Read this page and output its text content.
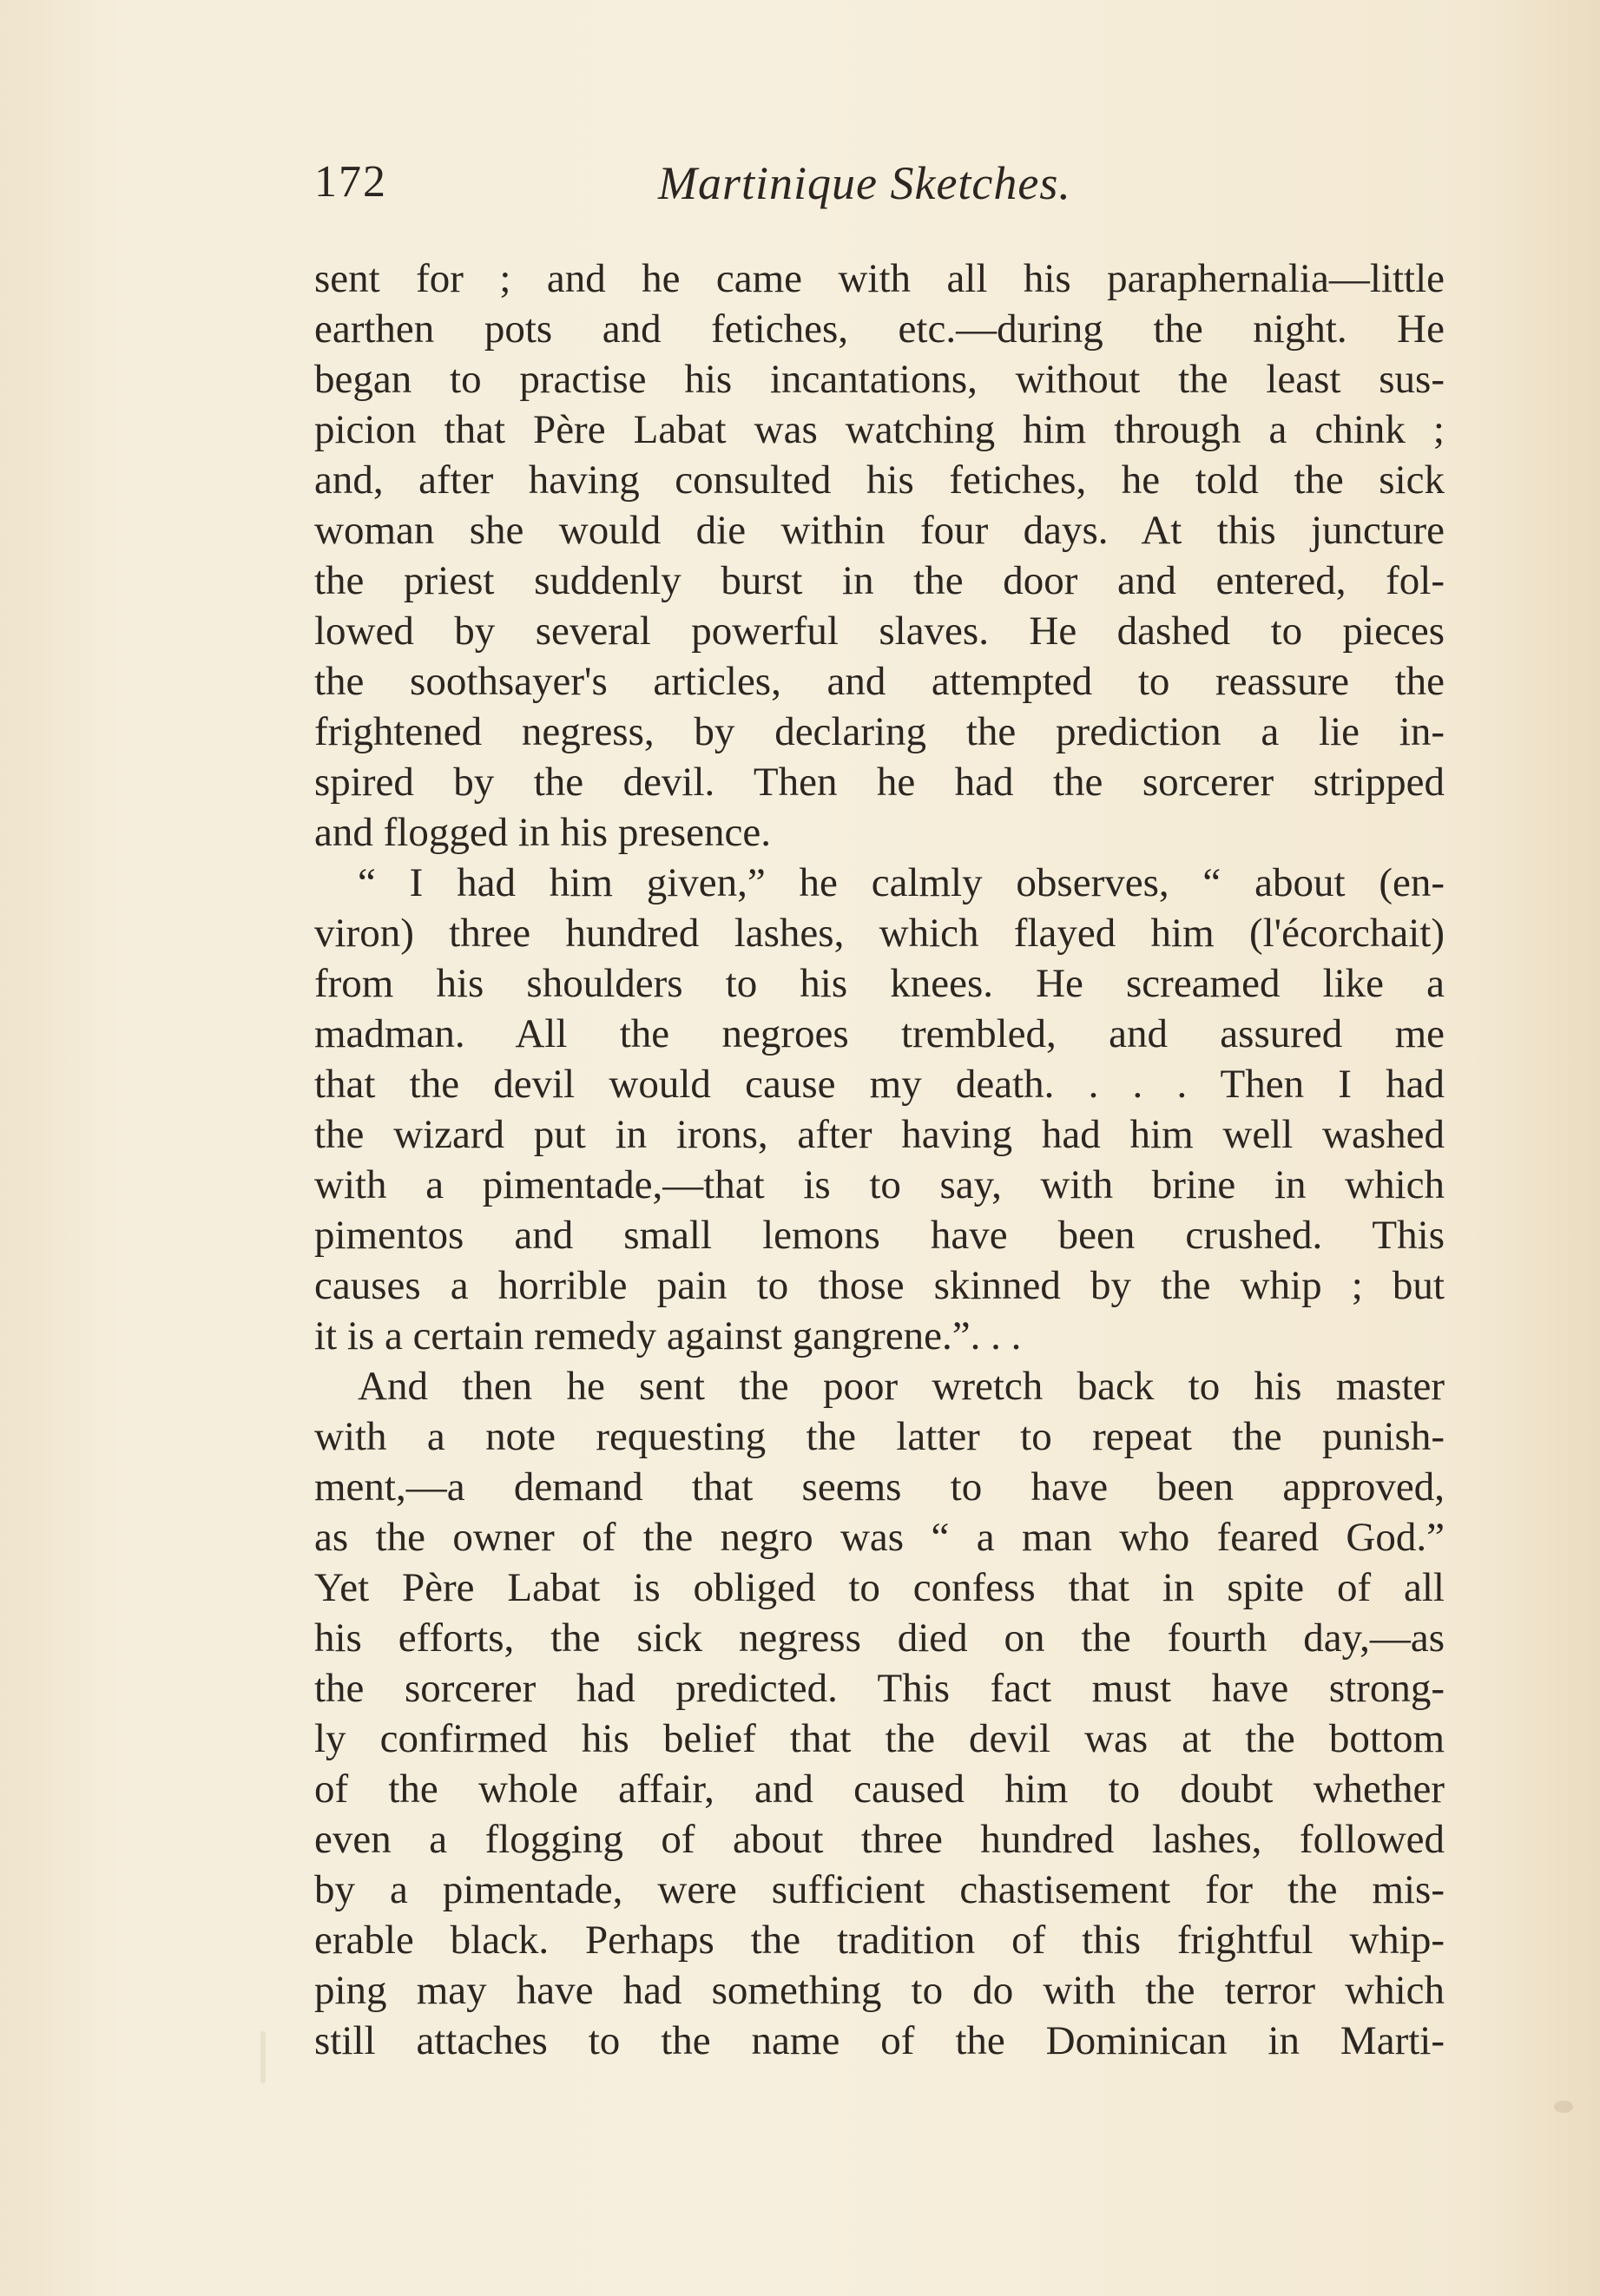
172	Martinique Sketches.
sent for ; and he came with all his paraphernalia—little
earthen pots and fetiches, etc.—during the night. He
began to practise his incantations, without the least sus-
picion that Père Labat was watching him through a chink ;
and, after having consulted his fetiches, he told the sick
woman she would die within four days. At this juncture
the priest suddenly burst in the door and entered, fol-
lowed by several powerful slaves. He dashed to pieces
the soothsayer's articles, and attempted to reassure the
frightened negress, by declaring the prediction a lie in-
spired by the devil. Then he had the sorcerer stripped
and flogged in his presence.
“ I had him given,” he calmly observes, “ about (en-
viron) three hundred lashes, which flayed him (l'écorchait)
from his shoulders to his knees. He screamed like a
madman. All the negroes trembled, and assured me
that the devil would cause my death. . . . Then I had
the wizard put in irons, after having had him well washed
with a pimentade,—that is to say, with brine in which
pimentos and small lemons have been crushed. This
causes a horrible pain to those skinned by the whip ; but
it is a certain remedy against gangrene.”. . .
And then he sent the poor wretch back to his master
with a note requesting the latter to repeat the punish-
ment,—a demand that seems to have been approved,
as the owner of the negro was “ a man who feared God.”
Yet Père Labat is obliged to confess that in spite of all
his efforts, the sick negress died on the fourth day,—as
the sorcerer had predicted. This fact must have strong-
ly confirmed his belief that the devil was at the bottom
of the whole affair, and caused him to doubt whether
even a flogging of about three hundred lashes, followed
by a pimentade, were sufficient chastisement for the mis-
erable black. Perhaps the tradition of this frightful whip-
ping may have had something to do with the terror which
still attaches to the name of the Dominican in Marti-
